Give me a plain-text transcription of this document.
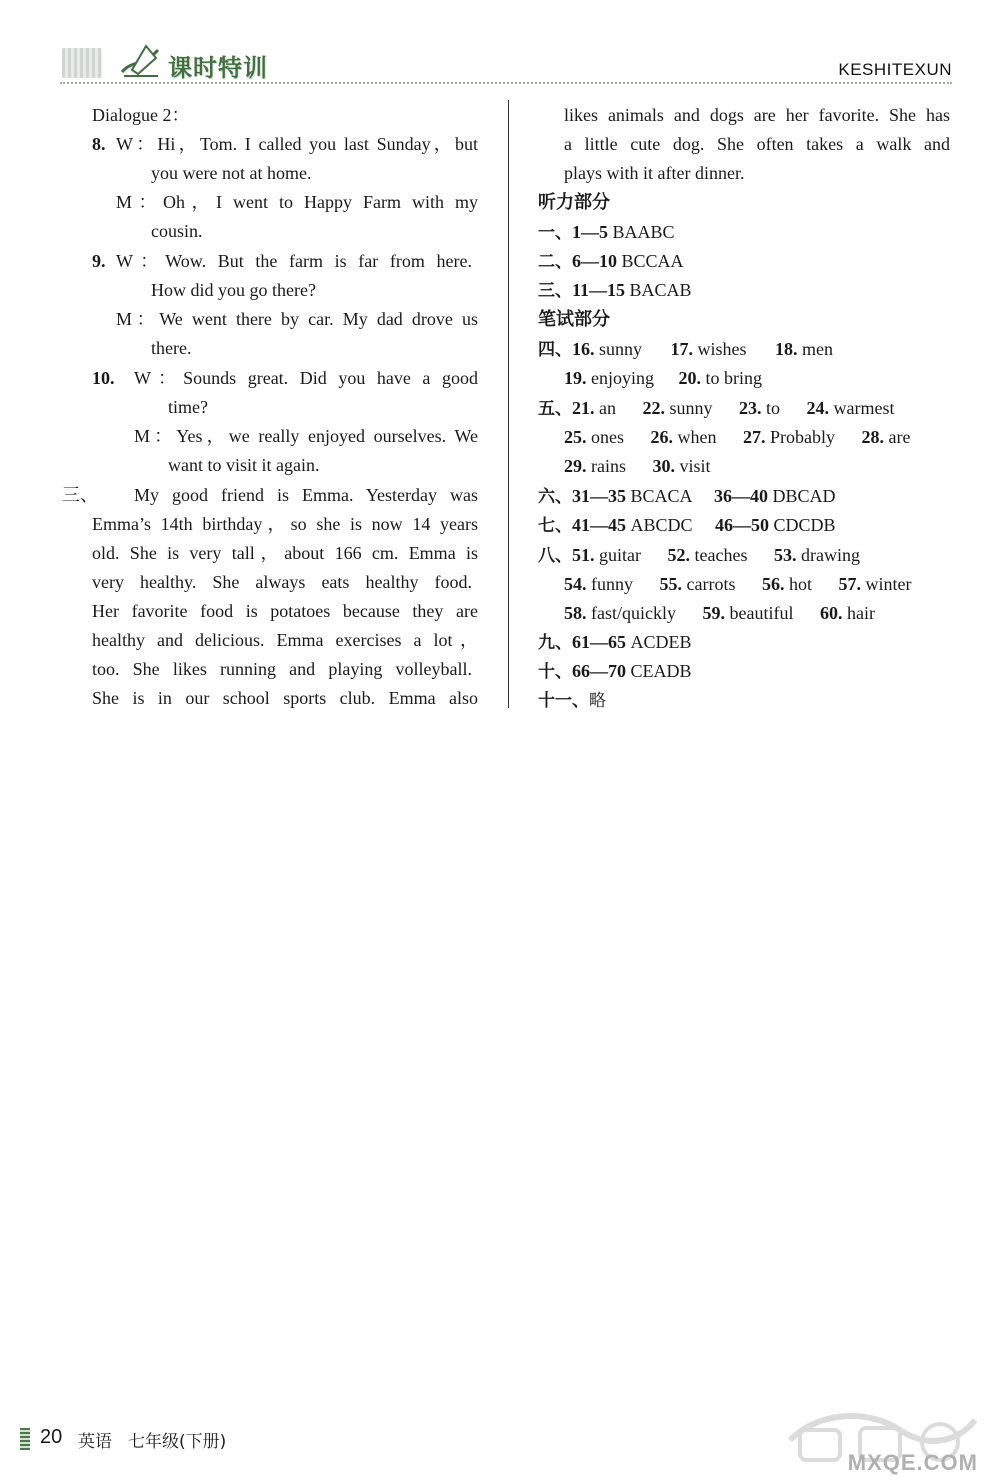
课时特训	KESHITEXUN
Dialogue 2：
8. W：Hi，Tom. I called you last Sunday，but
you were not at home.
M：Oh，I went to Happy Farm with my
cousin.
9. W：Wow. But the farm is far from here.
How did you go there?
M：We went there by car. My dad drove us
there.
10. W：Sounds great. Did you have a good
time?
M：Yes，we really enjoyed ourselves. We
want to visit it again.
三、 My good friend is Emma. Yesterday was
Emma’s 14th birthday，so she is now 14 years
old. She is very tall，about 166 cm. Emma is
very healthy. She always eats healthy food.
Her favorite food is potatoes because they are
healthy and delicious. Emma exercises a lot，
too. She likes running and playing volleyball.
She is in our school sports club. Emma also
likes animals and dogs are her favorite. She has
a little cute dog. She often takes a walk and
plays with it after dinner.
听力部分
一、1—5 BAABC
二、6—10 BCCAA
三、11—15 BACAB
笔试部分
四、16. sunny 17. wishes 18. men
19. enjoying 20. to bring
五、21. an 22. sunny 23. to 24. warmest
25. ones 26. when 27. Probably 28. are
29. rains 30. visit
六、31—35 BCACA 36—40 DBCAD
七、41—45 ABCDC 46—50 CDCDB
八、51. guitar 52. teaches 53. drawing
54. funny 55. carrots 56. hot 57. winter
58. fast/quickly 59. beautiful 60. hair
九、61—65 ACDEB
十、66—70 CEADB
十一、略
20 英语 七年级(下册)
MXQE.COM
